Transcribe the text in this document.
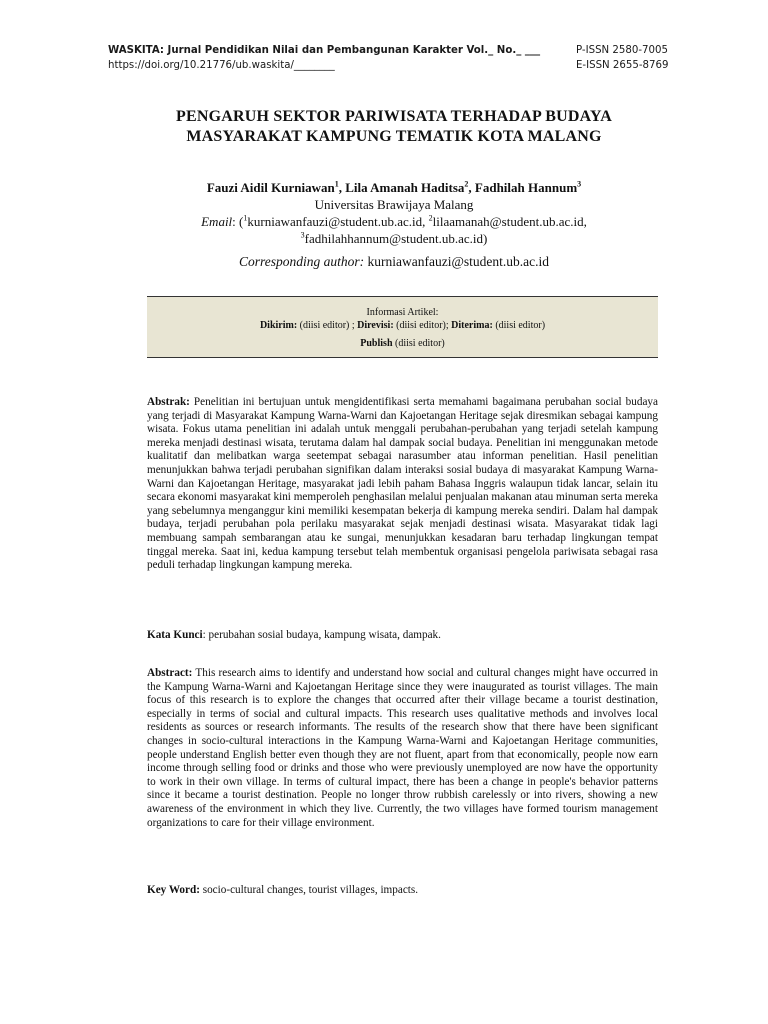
WASKITA: Jurnal Pendidikan Nilai dan Pembangunan Karakter Vol._ No._ ___	P-ISSN 2580-7005
https://doi.org/10.21776/ub.waskita/________	E-ISSN 2655-8769
PENGARUH SEKTOR PARIWISATA TERHADAP BUDAYA
MASYARAKAT KAMPUNG TEMATIK KOTA MALANG
Fauzi Aidil Kurniawan$^1$, Lila Amanah Haditsa$^2$, Fadhilah Hannum$^3$
Universitas Brawijaya Malang
Email: ($^1$kurniawanfauzi@student.ub.ac.id, $^2$lilaamanah@student.ub.ac.id,
$^3$fadhilahhannum@student.ub.ac.id)
Corresponding author: kurniawanfauzi@student.ub.ac.id
Informasi Artikel:
Dikirim: (diisi editor) ; Direvisi: (diisi editor); Diterima: (diisi editor)
Publish (diisi editor)
Abstrak: Penelitian ini bertujuan untuk mengidentifikasi serta memahami bagaimana perubahan social budaya yang terjadi di Masyarakat Kampung Warna-Warni dan Kajoetangan Heritage sejak diresmikan sebagai kampung wisata. Fokus utama penelitian ini adalah untuk menggali perubahan-perubahan yang terjadi setelah kampung mereka menjadi destinasi wisata, terutama dalam hal dampak social budaya. Penelitian ini menggunakan metode kualitatif dan melibatkan warga seetempat sebagai narasumber atau informan penelitian. Hasil penelitian menunjukkan bahwa terjadi perubahan signifikan dalam interaksi sosial budaya di masyarakat Kampung Warna-Warni dan Kajoetangan Heritage, masyarakat jadi lebih paham Bahasa Inggris walaupun tidak lancar, selain itu secara ekonomi masyarakat kini memperoleh penghasilan melalui penjualan makanan atau minuman serta mereka yang sebelumnya menganggur kini memiliki kesempatan bekerja di kampung mereka sendiri. Dalam hal dampak budaya, terjadi perubahan pola perilaku masyarakat sejak menjadi destinasi wisata. Masyarakat tidak lagi membuang sampah sembarangan atau ke sungai, menunjukkan kesadaran baru terhadap lingkungan tempat tinggal mereka. Saat ini, kedua kampung tersebut telah membentuk organisasi pengelola pariwisata sebagai rasa peduli terhadap lingkungan kampung mereka.
Kata Kunci: perubahan sosial budaya, kampung wisata, dampak.
Abstract: This research aims to identify and understand how social and cultural changes might have occurred in the Kampung Warna-Warni and Kajoetangan Heritage since they were inaugurated as tourist villages. The main focus of this research is to explore the changes that occurred after their village became a tourist destination, especially in terms of social and cultural impacts. This research uses qualitative methods and involves local residents as sources or research informants. The results of the research show that there have been significant changes in socio-cultural interactions in the Kampung Warna-Warni and Kajoetangan Heritage communities, people understand English better even though they are not fluent, apart from that economically, people now earn income through selling food or drinks and those who were previously unemployed are now have the opportunity to work in their own village. In terms of cultural impact, there has been a change in people's behavior patterns since it became a tourist destination. People no longer throw rubbish carelessly or into rivers, showing a new awareness of the environment in which they live. Currently, the two villages have formed tourism management organizations to care for their village environment.
Key Word: socio-cultural changes, tourist villages, impacts.
